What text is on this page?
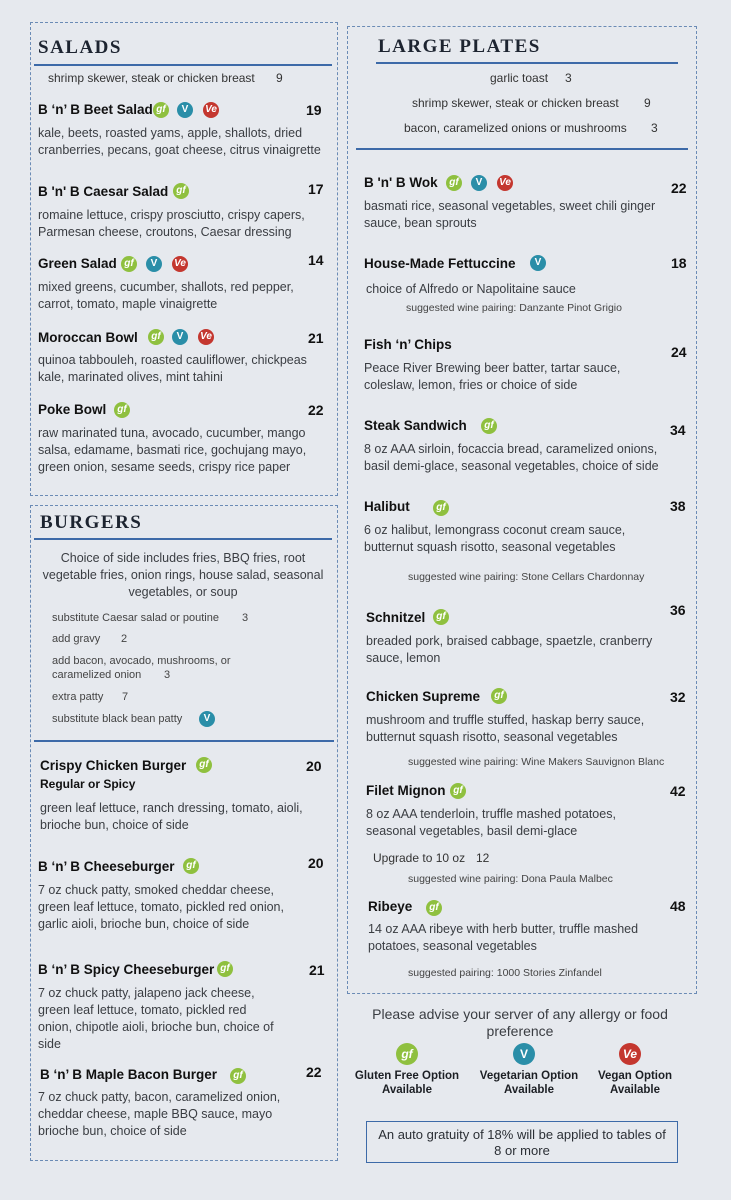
SALADS
shrimp skewer, steak or chicken breast 9
B ‘n’ B Beet Salad gf	V	Ve	19
kale, beets, roasted yams, apple, shallots, dried cranberries, pecans, goat cheese, citrus vinaigrette
B 'n' B Caesar Salad gf	17
romaine lettuce, crispy prosciutto, crispy capers, Parmesan cheese, croutons, Caesar dressing
Green Salad gf	V	Ve	14
mixed greens, cucumber, shallots, red pepper, carrot, tomato, maple vinaigrette
Moroccan Bowl	gf	V	Ve	21
quinoa tabbouleh, roasted cauliflower, chickpeas kale, marinated olives, mint tahini
Poke Bowl	gf	22
raw marinated tuna, avocado, cucumber, mango salsa, edamame, basmati rice, gochujang mayo, green onion, sesame seeds, crispy rice paper
BURGERS
Choice of side includes fries, BBQ fries, root vegetable fries, onion rings, house salad, seasonal vegetables, or soup
substitute Caesar salad or poutine 3
add gravy 2
add bacon, avocado, mushrooms, or caramelized onion	3
extra patty 7
substitute black bean patty	V
Crispy Chicken Burger	gf	20
Regular or Spicy
green leaf lettuce, ranch dressing, tomato, aioli, brioche bun, choice of side
B ‘n’ B Cheeseburger	gf	20
7 oz chuck patty, smoked cheddar cheese, green leaf lettuce, tomato, pickled red onion, garlic aioli, brioche bun, choice of side
B ‘n’ B Spicy Cheeseburger gf	21
7 oz chuck patty, jalapeno jack cheese, green leaf lettuce, tomato, pickled red onion, chipotle aioli, brioche bun, choice of side
B ‘n’ B Maple Bacon Burger	gf	22
7 oz chuck patty, bacon, caramelized onion, cheddar cheese, maple BBQ sauce, mayo brioche bun, choice of side
LARGE PLATES
garlic toast 3
shrimp skewer, steak or chicken breast 9
bacon, caramelized onions or mushrooms 3
B 'n' B Wok	gf	V	Ve	22
basmati rice, seasonal vegetables, sweet chili ginger sauce, bean sprouts
House-Made Fettuccine	V	18
choice of Alfredo or Napolitaine sauce
suggested wine pairing: Danzante Pinot Grigio
Fish ‘n’ Chips	24
Peace River Brewing beer batter, tartar sauce, coleslaw, lemon, fries or choice of side
Steak Sandwich	gf	34
8 oz AAA sirloin, focaccia bread, caramelized onions, basil demi-glace, seasonal vegetables, choice of side
Halibut	gf	38
6 oz halibut, lemongrass coconut cream sauce, butternut squash risotto, seasonal vegetables
suggested wine pairing: Stone Cellars Chardonnay
Schnitzel	gf	36
breaded pork, braised cabbage, spaetzle, cranberry sauce, lemon
Chicken Supreme	gf	32
mushroom and truffle stuffed, haskap berry sauce, butternut squash risotto, seasonal vegetables
suggested wine pairing: Wine Makers Sauvignon Blanc
Filet Mignon gf	42
8 oz AAA tenderloin, truffle mashed potatoes, seasonal vegetables, basil demi-glace
Upgrade to 10 oz 12
suggested wine pairing: Dona Paula Malbec
Ribeye	gf	48
14 oz AAA ribeye with herb butter, truffle mashed potatoes, seasonal vegetables
suggested pairing: 1000 Stories Zinfandel
Please advise your server of any allergy or food preference
gf
Gluten Free Option Available
V
Vegetarian Option Available
Ve
Vegan Option Available
An auto gratuity of 18% will be applied to tables of 8 or more
